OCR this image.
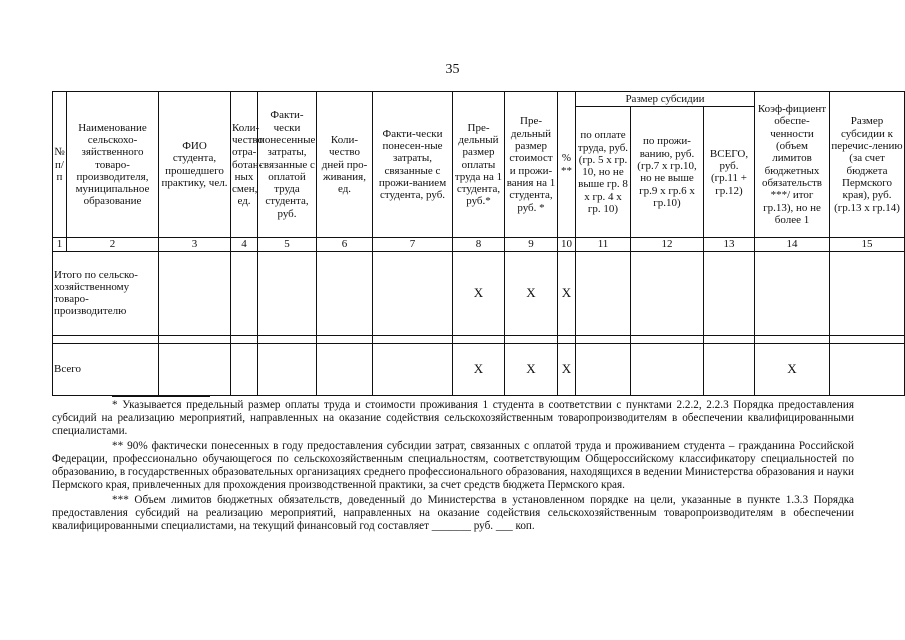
35
№ п/п	Наименование сельскохо-зяйственного товаро-производителя, муниципальное образование	ФИО студента, прошедшего практику, чел.	Коли-чество отра-ботан-ных смен, ед.	Факти-чески понесенные затраты, связанные с оплатой труда студента, руб.	Коли-чество дней про-живания, ед.	Факти-чески понесен-ные затраты, связанные с прожи-ванием студента, руб.	Пре-дельный размер оплаты труда на 1 студента, руб.*	Пре-дельный размер стоимост и прожи-вания на 1 студента, руб. *	% **	Размер субсидии			Коэф-фициент обеспе-ченности (объем лимитов бюджетных обязательств ***/ итог гр.13), но не более 1	Размер субсидии к перечис-лению (за счет бюджета Пермского края), руб. (гр.13 х гр.14)
										по оплате труда, руб. (гр. 5 х гр. 10, но не выше гр. 8 х гр. 4 х гр. 10)	по прожи-ванию, руб. (гр.7 х гр.10, но не выше гр.9 х гр.6 х гр.10)	ВСЕГО, руб. (гр.11 + гр.12)		
1	2	3	4	5	6	7	8	9	10	11	12	13	14	15
Итого по сельско-хозяйственному товаро-производителю							X	X	X					

Всего							X	X	X				X	

* Указывается предельный размер оплаты труда и стоимости проживания 1 студента в соответствии с пунктами 2.2.2, 2.2.3 Порядка предоставления субсидий на реализацию мероприятий, направленных на оказание содействия сельскохозяйственным товаропроизводителям в обеспечении квалифицированными специалистами.

** 90% фактически понесенных в году предоставления субсидии затрат, связанных с оплатой труда и проживанием студента – гражданина Российской Федерации, профессионально обучающегося по сельскохозяйственным специальностям, соответствующим Общероссийскому классификатору специальностей по образованию, в государственных образовательных организациях среднего профессионального образования, находящихся в ведении Министерства образования и науки Пермского края, привлеченных для прохождения производственной практики, за счет средств бюджета Пермского края.

*** Объем лимитов бюджетных обязательств, доведенный до Министерства в установленном порядке на цели, указанные в пункте 1.3.3 Порядка предоставления субсидий на реализацию мероприятий, направленных на оказание содействия сельскохозяйственным товаропроизводителям в обеспечении квалифицированными специалистами, на текущий финансовый год составляет _______ руб. ___ коп.
